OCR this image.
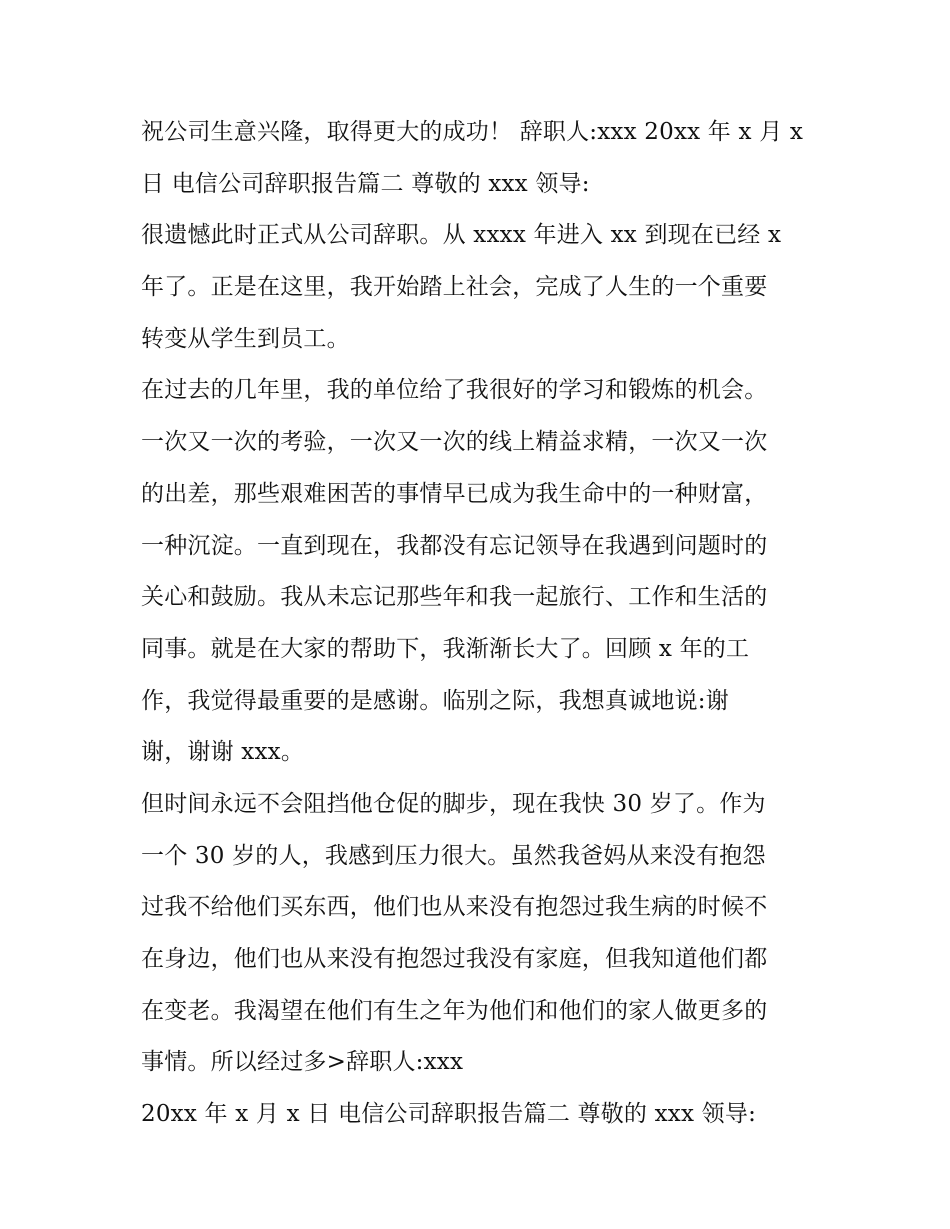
祝公司生意兴隆，取得更大的成功！ 辞职人:xxx 20xx 年 x 月 x
日 电信公司辞职报告篇二 尊敬的 xxx 领导:
很遗憾此时正式从公司辞职。从 xxxx 年进入 xx 到现在已经 x
年了。正是在这里，我开始踏上社会，完成了人生的一个重要
转变从学生到员工。
在过去的几年里，我的单位给了我很好的学习和锻炼的机会。
一次又一次的考验，一次又一次的线上精益求精，一次又一次
的出差，那些艰难困苦的事情早已成为我生命中的一种财富，
一种沉淀。一直到现在，我都没有忘记领导在我遇到问题时的
关心和鼓励。我从未忘记那些年和我一起旅行、工作和生活的
同事。就是在大家的帮助下，我渐渐长大了。回顾 x 年的工
作，我觉得最重要的是感谢。临别之际，我想真诚地说:谢
谢，谢谢 xxx。
但时间永远不会阻挡他仓促的脚步，现在我快 30 岁了。作为
一个 30 岁的人，我感到压力很大。虽然我爸妈从来没有抱怨
过我不给他们买东西，他们也从来没有抱怨过我生病的时候不
在身边，他们也从来没有抱怨过我没有家庭，但我知道他们都
在变老。我渴望在他们有生之年为他们和他们的家人做更多的
事情。所以经过多>辞职人:xxx
20xx 年 x 月 x 日 电信公司辞职报告篇二 尊敬的 xxx 领导:
